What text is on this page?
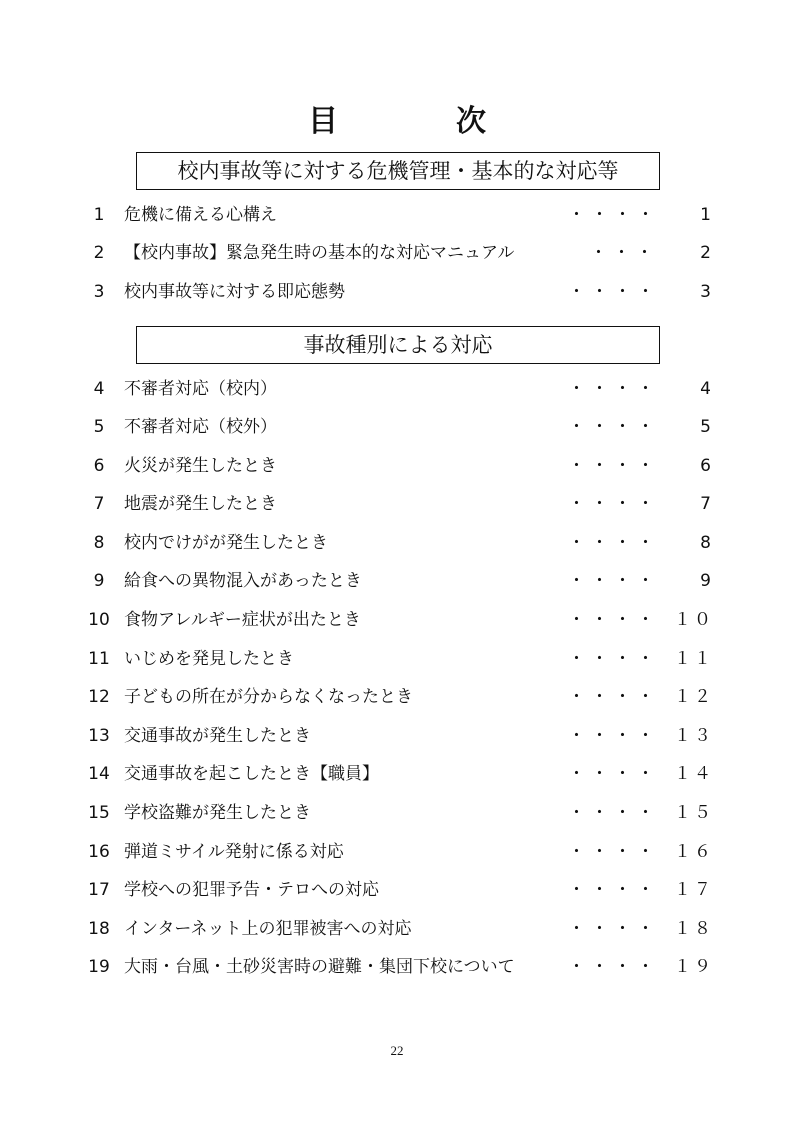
目　次
校内事故等に対する危機管理・基本的な対応等
1	危機に備える心構え	・・・・ 1
2	【校内事故】緊急発生時の基本的な対応マニュアル	・・・ 2
3	校内事故等に対する即応態勢	・・・・ 3
事故種別による対応
4	不審者対応（校内）	・・・・ 4
5	不審者対応（校外）	・・・・ 5
6	火災が発生したとき	・・・・ 6
7	地震が発生したとき	・・・・ 7
8	校内でけがが発生したとき	・・・・ 8
9	給食への異物混入があったとき	・・・・ 9
10 食物アレルギー症状が出たとき	・・・・ １０
11 いじめを発見したとき	・・・・ １１
12 子どもの所在が分からなくなったとき	・・・・ １２
13 交通事故が発生したとき	・・・・ １３
14 交通事故を起こしたとき【職員】	・・・・ １４
15 学校盗難が発生したとき	・・・・ １５
16 弾道ミサイル発射に係る対応	・・・・ １６
17 学校への犯罪予告・テロへの対応	・・・・ １７
18 インターネット上の犯罪被害への対応	・・・・ １８
19 大雨・台風・土砂災害時の避難・集団下校について	・・・・ １９
22
